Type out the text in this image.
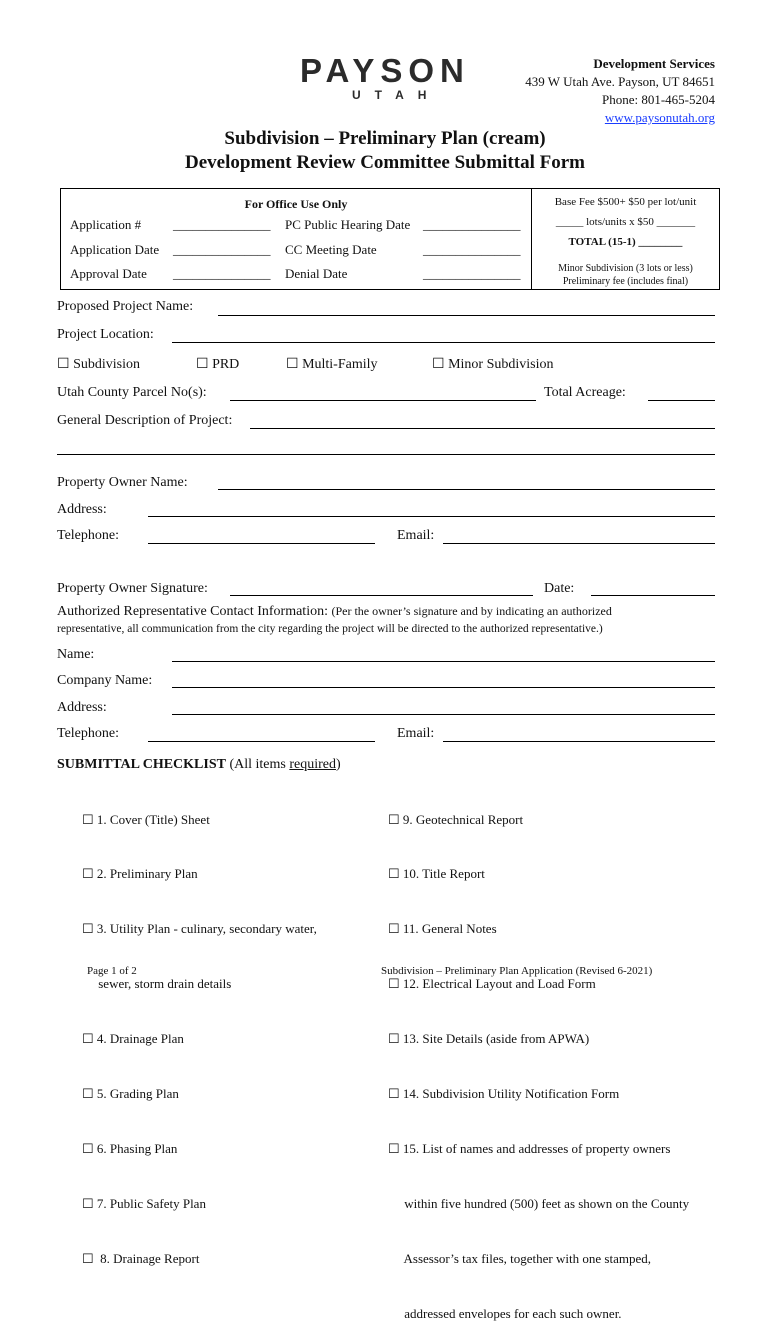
PAYSON
UTAH
Development Services
439 W Utah Ave. Payson, UT 84651
Phone: 801-465-5204
www.paysonutah.org
Subdivision – Preliminary Plan (cream)
Development Review Committee Submittal Form
For Office Use Only
Application # _______________ PC Public Hearing Date _______________
Application Date _______________ CC Meeting Date	_______________
Approval Date _______________ Denial Date	_______________
Base Fee $500+ $50 per lot/unit
_____ lots/units x $50 _______
TOTAL (15-1) ________
Minor Subdivision (3 lots or less)
Preliminary fee (includes final)
Proposed Project Name:
Project Location:
☐ Subdivision	☐ PRD	☐ Multi-Family	☐ Minor Subdivision
Utah County Parcel No(s):	Total Acreage:
General Description of Project:
Property Owner Name:
Address:
Telephone:	Email:
Property Owner Signature:	Date:
Authorized Representative Contact Information: (Per the owner’s signature and by indicating an authorized
representative, all communication from the city regarding the project will be directed to the authorized representative.)
Name:
Company Name:
Address:
Telephone:	Email:
SUBMITTAL CHECKLIST (All items required)

☐ 1. Cover (Title) Sheet

☐ 2. Preliminary Plan

☐ 3. Utility Plan - culinary, secondary water,

sewer, storm drain details

☐ 4. Drainage Plan

☐ 5. Grading Plan

☐ 6. Phasing Plan

☐ 7. Public Safety Plan

☐  8. Drainage Report

☐ 9. Geotechnical Report

☐ 10. Title Report

☐ 11. General Notes

☐ 12. Electrical Layout and Load Form

☐ 13. Site Details (aside from APWA)

☐ 14. Subdivision Utility Notification Form

☐ 15. List of names and addresses of property owners

within five hundred (500) feet as shown on the County

Assessor’s tax files, together with one stamped,

addressed envelopes for each such owner.

Page 1 of 2	Subdivision – Preliminary Plan Application (Revised 6-2021)
